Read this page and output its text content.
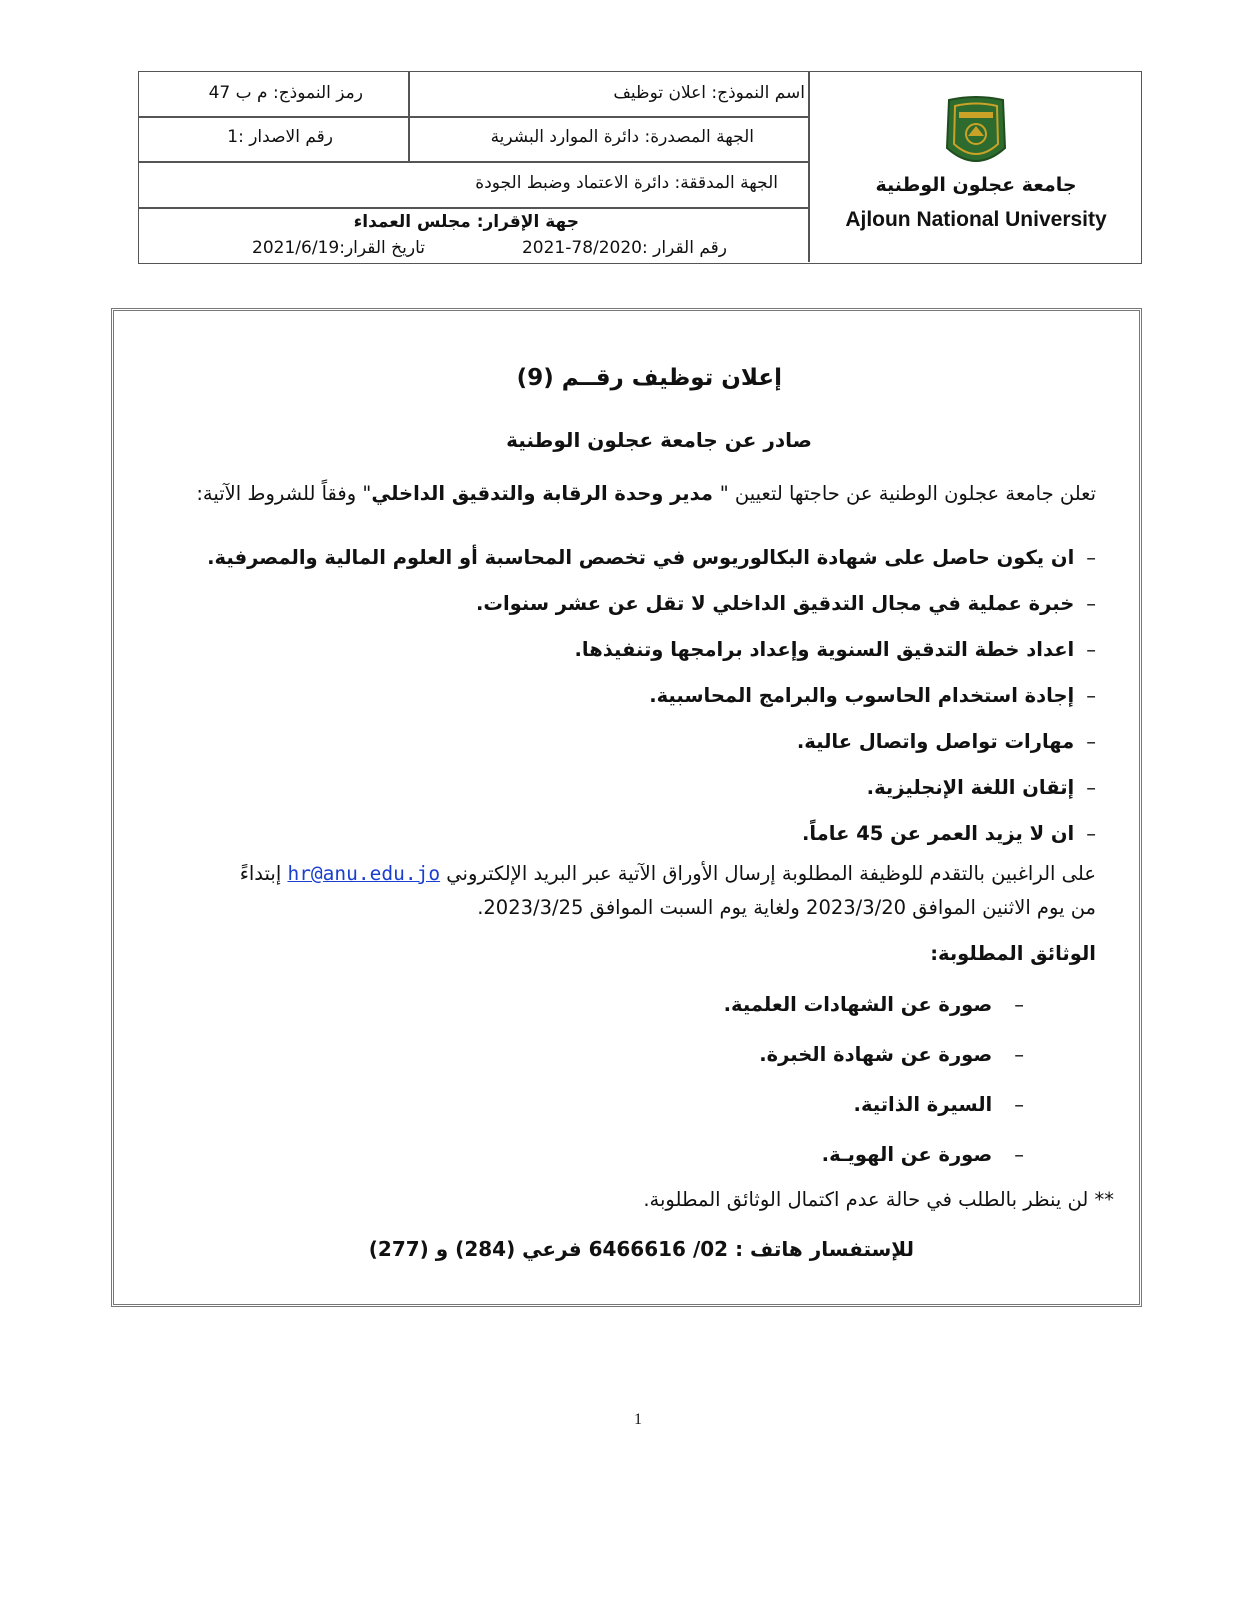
اسم النموذج: اعلان توظيف
رمز النموذج: م ب 47
الجهة المصدرة: دائرة الموارد البشرية
رقم الاصدار :1
الجهة المدققة: دائرة الاعتماد وضبط الجودة
جهة الإقرار: مجلس العمداء
رقم القرار :78/2020-2021
تاريخ القرار:2021/6/19
جامعة عجلون الوطنية
Ajloun National University
إعلان توظيف رقــم (9)
صادر عن جامعة عجلون الوطنية
تعلن جامعة عجلون الوطنية عن حاجتها لتعيين " مدير وحدة الرقابة والتدقيق الداخلي" وفقاً للشروط الآتية:
–ان يكون حاصل على شهادة البكالوريوس في تخصص المحاسبة أو العلوم المالية والمصرفية.
–خبرة عملية في مجال التدقيق الداخلي لا تقل عن عشر سنوات.
–اعداد خطة التدقيق السنوية وإعداد برامجها وتنفيذها.
–إجادة استخدام الحاسوب والبرامج المحاسبية.
–مهارات تواصل واتصال عالية.
–إتقان اللغة الإنجليزية.
–ان لا يزيد العمر عن 45 عاماً.
على الراغبين بالتقدم للوظيفة المطلوبة إرسال الأوراق الآتية عبر البريد الإلكتروني hr@anu.edu.jo إبتداءً
من يوم الاثنين الموافق 2023/3/20 ولغاية يوم السبت الموافق 2023/3/25.
الوثائق المطلوبة:
–صورة عن الشهادات العلمية.
–صورة عن شهادة الخبرة.
–السيرة الذاتية.
–صورة عن الهويـة.
** لن ينظر بالطلب في حالة عدم اكتمال الوثائق المطلوبة.
للإستفسار هاتف : 02/ 6466616 فرعي (284) و (277)
1
